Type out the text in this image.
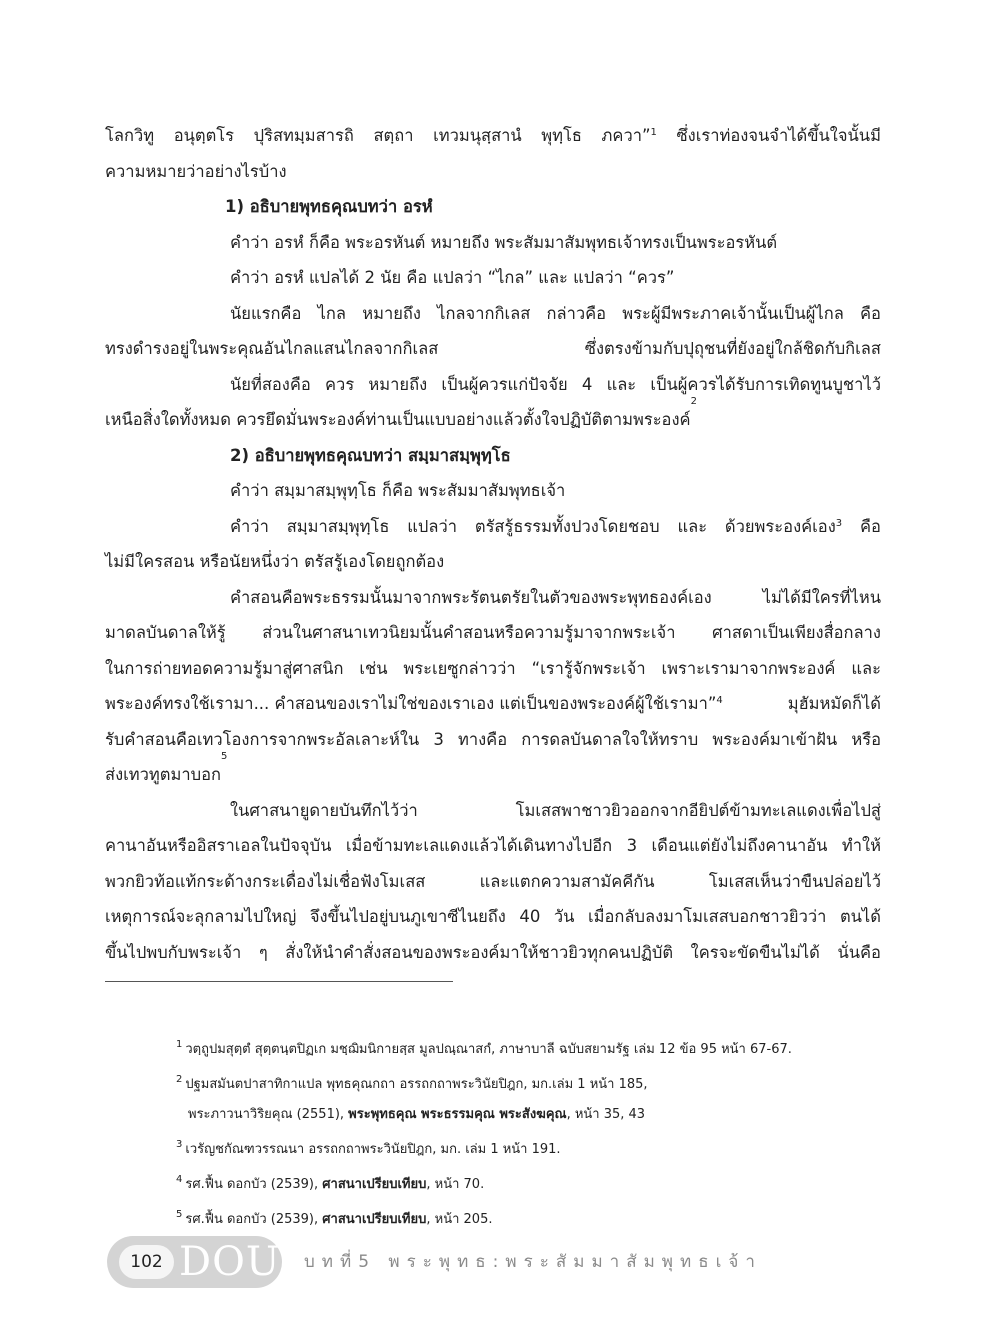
โลกวิทู อนุตฺตโร ปุริสทมฺมสารถิ สตฺถา เทวมนุสฺสานํ พุทฺโธ ภควา”$^1$ ซึ่งเราท่องจนจำได้ขึ้นใจนั้นมี
ความหมายว่าอย่างไรบ้าง
1) อธิบายพุทธคุณบทว่า อรหํ
คำว่า อรหํ ก็คือ พระอรหันต์ หมายถึง พระสัมมาสัมพุทธเจ้าทรงเป็นพระอรหันต์
คำว่า อรหํ แปลได้ 2 นัย คือ แปลว่า “ไกล” และ แปลว่า “ควร”
นัยแรกคือ ไกล หมายถึง ไกลจากกิเลส กล่าวคือ พระผู้มีพระภาคเจ้านั้นเป็นผู้ไกล คือ
ทรงดำรงอยู่ในพระคุณอันไกลแสนไกลจากกิเลส	ซึ่งตรงข้ามกับปุถุชนที่ยังอยู่ใกล้ชิดกับกิเลส
นัยที่สองคือ ควร หมายถึง เป็นผู้ควรแก่ปัจจัย 4 และ เป็นผู้ควรได้รับการเทิดทูนบูชาไว้
เหนือสิ่งใดทั้งหมด ควรยึดมั่นพระองค์ท่านเป็นแบบอย่างแล้วตั้งใจปฏิบัติตามพระองค์
2
2) อธิบายพุทธคุณบทว่า สมฺมาสมฺพุทฺโธ
คำว่า สมฺมาสมฺพุทฺโธ ก็คือ พระสัมมาสัมพุทธเจ้า
คำว่า สมฺมาสมฺพุทฺโธ แปลว่า ตรัสรู้ธรรมทั้งปวงโดยชอบ และ ด้วยพระองค์เอง$^3$ คือ
ไม่มีใครสอน หรือนัยหนึ่งว่า ตรัสรู้เองโดยถูกต้อง
คำสอนคือพระธรรมนั้นมาจากพระรัตนตรัยในตัวของพระพุทธองค์เอง	ไม่ได้มีใครที่ไหน
มาดลบันดาลให้รู้ ส่วนในศาสนาเทวนิยมนั้นคำสอนหรือความรู้มาจากพระเจ้า ศาสดาเป็นเพียงสื่อกลาง
ในการถ่ายทอดความรู้มาสู่ศาสนิก เช่น พระเยซูกล่าวว่า “เรารู้จักพระเจ้า เพราะเรามาจากพระองค์ และ
พระองค์ทรงใช้เรามา... คำสอนของเราไม่ใช่ของเราเอง แต่เป็นของพระองค์ผู้ใช้เรามา”$^4$	มุฮัมหมัดก็ได้
รับคำสอนคือเทวโองการจากพระอัลเลาะห์ใน 3 ทางคือ การดลบันดาลใจให้ทราบ พระองค์มาเข้าฝัน หรือ
ส่งเทวทูตมาบอก
5
ในศาสนายูดายบันทึกไว้ว่า	โมเสสพาชาวยิวออกจากอียิปต์ข้ามทะเลแดงเพื่อไปสู่
คานาอันหรืออิสราเอลในปัจจุบัน เมื่อข้ามทะเลแดงแล้วได้เดินทางไปอีก 3 เดือนแต่ยังไม่ถึงคานาอัน ทำให้
พวกยิวท้อแท้กระด้างกระเดื่องไม่เชื่อฟังโมเสส	และแตกความสามัคคีกัน	โมเสสเห็นว่าขืนปล่อยไว้
เหตุการณ์จะลุกลามไปใหญ่ จึงขึ้นไปอยู่บนภูเขาซีไนยถึง 40 วัน เมื่อกลับลงมาโมเสสบอกชาวยิวว่า ตนได้
ขึ้นไปพบกับพระเจ้า ๆ สั่งให้นำคำสั่งสอนของพระองค์มาให้ชาวยิวทุกคนปฏิบัติ ใครจะขัดขืนไม่ได้ นั่นคือ
$^1$ วตฺถูปมสุตฺตํ สุตฺตนฺตปิฏเก มชฺฌิมนิกายสฺส มูลปณฺณาสกํ, ภาษาบาลี ฉบับสยามรัฐ เล่ม 12 ข้อ 95 หน้า 67-67.
$^2$ ปฐมสมันตปาสาทิกาแปล พุทธคุณกถา อรรถกถาพระวินัยปิฎก, มก.เล่ม 1 หน้า 185,
พระภาวนาวิริยคุณ (2551), พระพุทธคุณ พระธรรมคุณ พระสังฆคุณ, หน้า 35, 43
$^3$ เวรัญชกัณฑวรรณนา อรรถกถาพระวินัยปิฎก, มก. เล่ม 1 หน้า 191.
$^4$ รศ.ฟื้น ดอกบัว (2539), ศาสนาเปรียบเทียบ, หน้า 70.
$^5$ รศ.ฟื้น ดอกบัว (2539), ศาสนาเปรียบเทียบ, หน้า 205.
102 DOU บทที่5 พระพุทธ:พระสัมมาสัมพุทธเจ้า
